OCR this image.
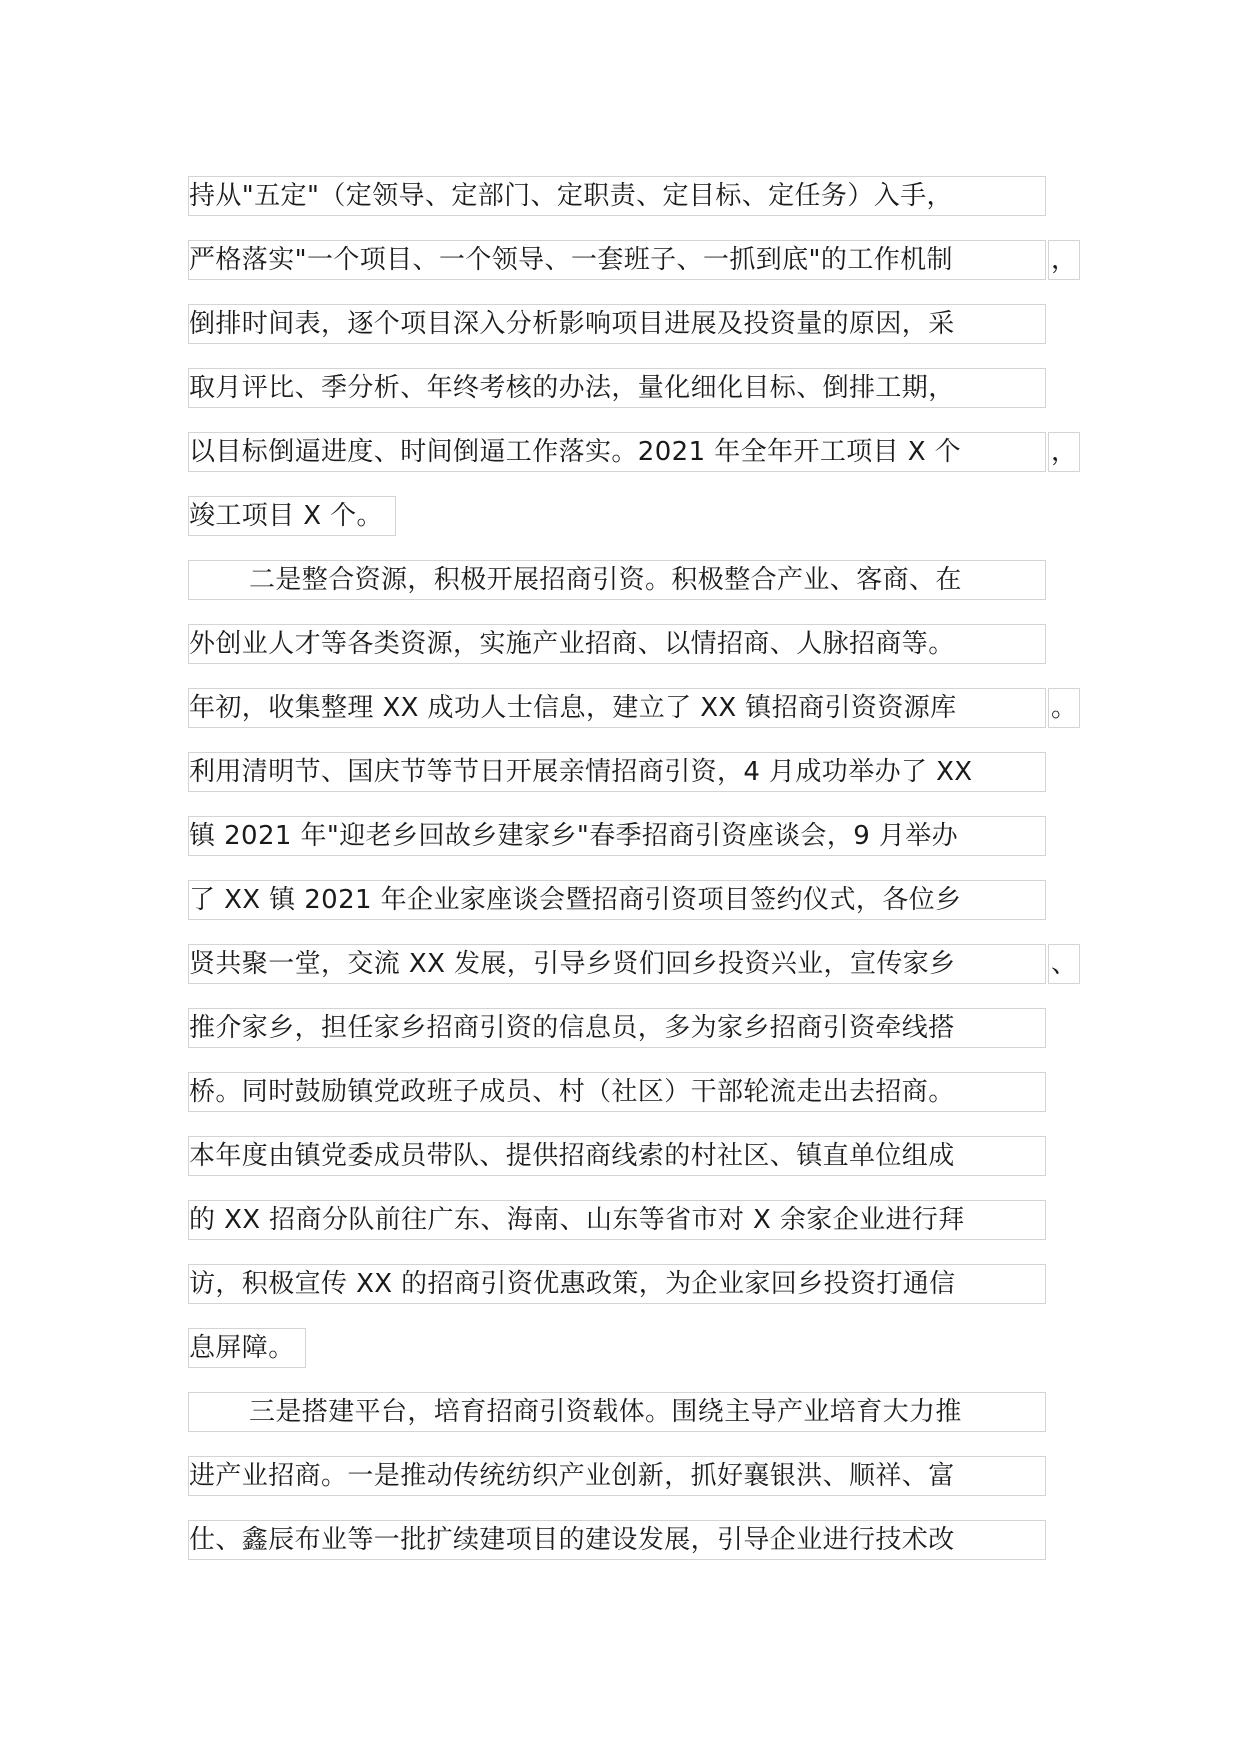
持从"五定"（定领导、定部门、定职责、定目标、定任务）入手，
严格落实"一个项目、一个领导、一套班子、一抓到底"的工作机制	，
倒排时间表，逐个项目深入分析影响项目进展及投资量的原因，采
取月评比、季分析、年终考核的办法，量化细化目标、倒排工期，
以目标倒逼进度、时间倒逼工作落实。2021 年全年开工项目 X 个	，
竣工项目 X 个。
二是整合资源，积极开展招商引资。积极整合产业、客商、在
外创业人才等各类资源，实施产业招商、以情招商、人脉招商等。
年初，收集整理 XX 成功人士信息，建立了 XX 镇招商引资资源库	。
利用清明节、国庆节等节日开展亲情招商引资，4 月成功举办了 XX
镇 2021 年"迎老乡回故乡建家乡"春季招商引资座谈会，9 月举办
了 XX 镇 2021 年企业家座谈会暨招商引资项目签约仪式，各位乡
贤共聚一堂，交流 XX 发展，引导乡贤们回乡投资兴业，宣传家乡	、
推介家乡，担任家乡招商引资的信息员，多为家乡招商引资牵线搭
桥。同时鼓励镇党政班子成员、村（社区）干部轮流走出去招商。
本年度由镇党委成员带队、提供招商线索的村社区、镇直单位组成
的 XX 招商分队前往广东、海南、山东等省市对 X 余家企业进行拜
访，积极宣传 XX 的招商引资优惠政策，为企业家回乡投资打通信
息屏障。
三是搭建平台，培育招商引资载体。围绕主导产业培育大力推
进产业招商。一是推动传统纺织产业创新，抓好襄银洪、顺祥、富
仕、鑫辰布业等一批扩续建项目的建设发展，引导企业进行技术改
